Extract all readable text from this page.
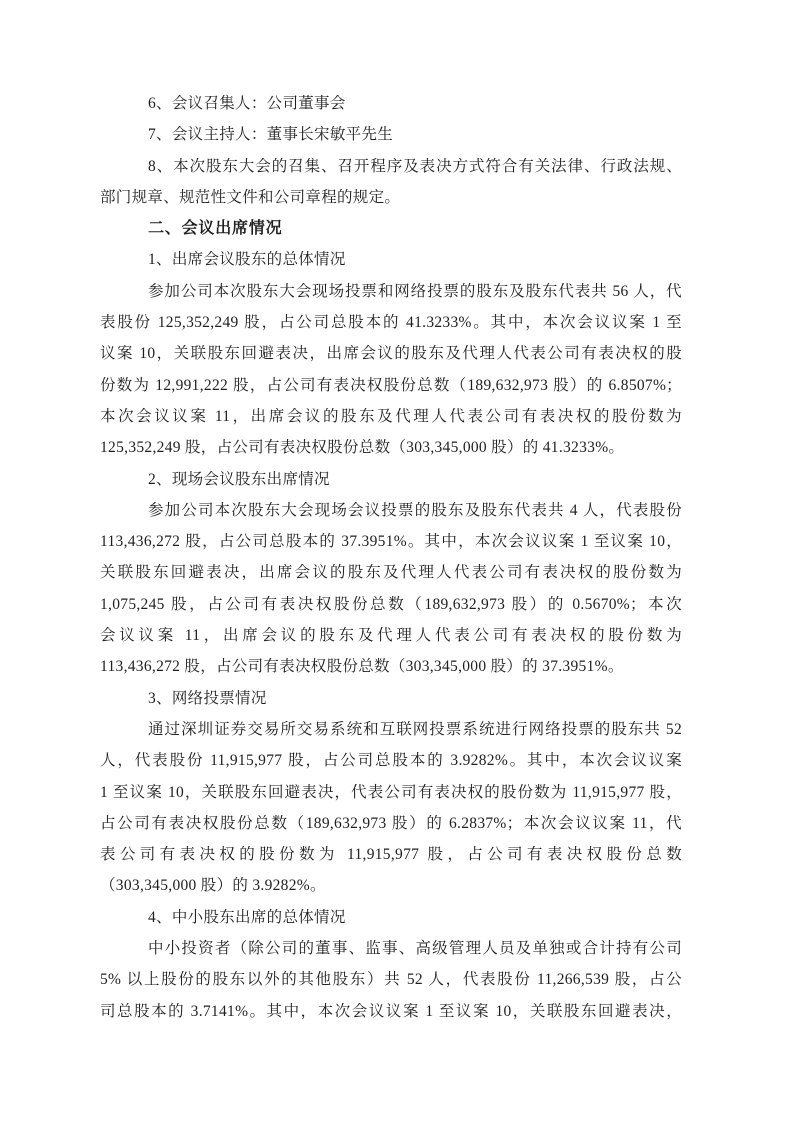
6、会议召集人：公司董事会
7、会议主持人：董事长宋敏平先生
8、本次股东大会的召集、召开程序及表决方式符合有关法律、行政法规、
部门规章、规范性文件和公司章程的规定。
二、会议出席情况
1、出席会议股东的总体情况
参加公司本次股东大会现场投票和网络投票的股东及股东代表共 56 人，代
表股份 125,352,249 股，占公司总股本的 41.3233%。其中，本次会议议案 1 至
议案 10，关联股东回避表决，出席会议的股东及代理人代表公司有表决权的股
份数为 12,991,222 股，占公司有表决权股份总数（189,632,973 股）的 6.8507%；
本次会议议案 11，出席会议的股东及代理人代表公司有表决权的股份数为
125,352,249 股，占公司有表决权股份总数（303,345,000 股）的 41.3233%。
2、现场会议股东出席情况
参加公司本次股东大会现场会议投票的股东及股东代表共 4 人，代表股份
113,436,272 股，占公司总股本的 37.3951%。其中，本次会议议案 1 至议案 10，
关联股东回避表决，出席会议的股东及代理人代表公司有表决权的股份数为
1,075,245 股，占公司有表决权股份总数（189,632,973 股）的 0.5670%；本次
会议议案 11，出席会议的股东及代理人代表公司有表决权的股份数为
113,436,272 股，占公司有表决权股份总数（303,345,000 股）的 37.3951%。
3、网络投票情况
通过深圳证券交易所交易系统和互联网投票系统进行网络投票的股东共 52
人，代表股份 11,915,977 股，占公司总股本的 3.9282%。其中，本次会议议案
1 至议案 10，关联股东回避表决，代表公司有表决权的股份数为 11,915,977 股，
占公司有表决权股份总数（189,632,973 股）的 6.2837%；本次会议议案 11，代
表公司有表决权的股份数为 11,915,977 股，占公司有表决权股份总数
（303,345,000 股）的 3.9282%。
4、中小股东出席的总体情况
中小投资者（除公司的董事、监事、高级管理人员及单独或合计持有公司
5% 以上股份的股东以外的其他股东）共 52 人，代表股份 11,266,539 股，占公
司总股本的 3.7141%。其中，本次会议议案 1 至议案 10，关联股东回避表决，
